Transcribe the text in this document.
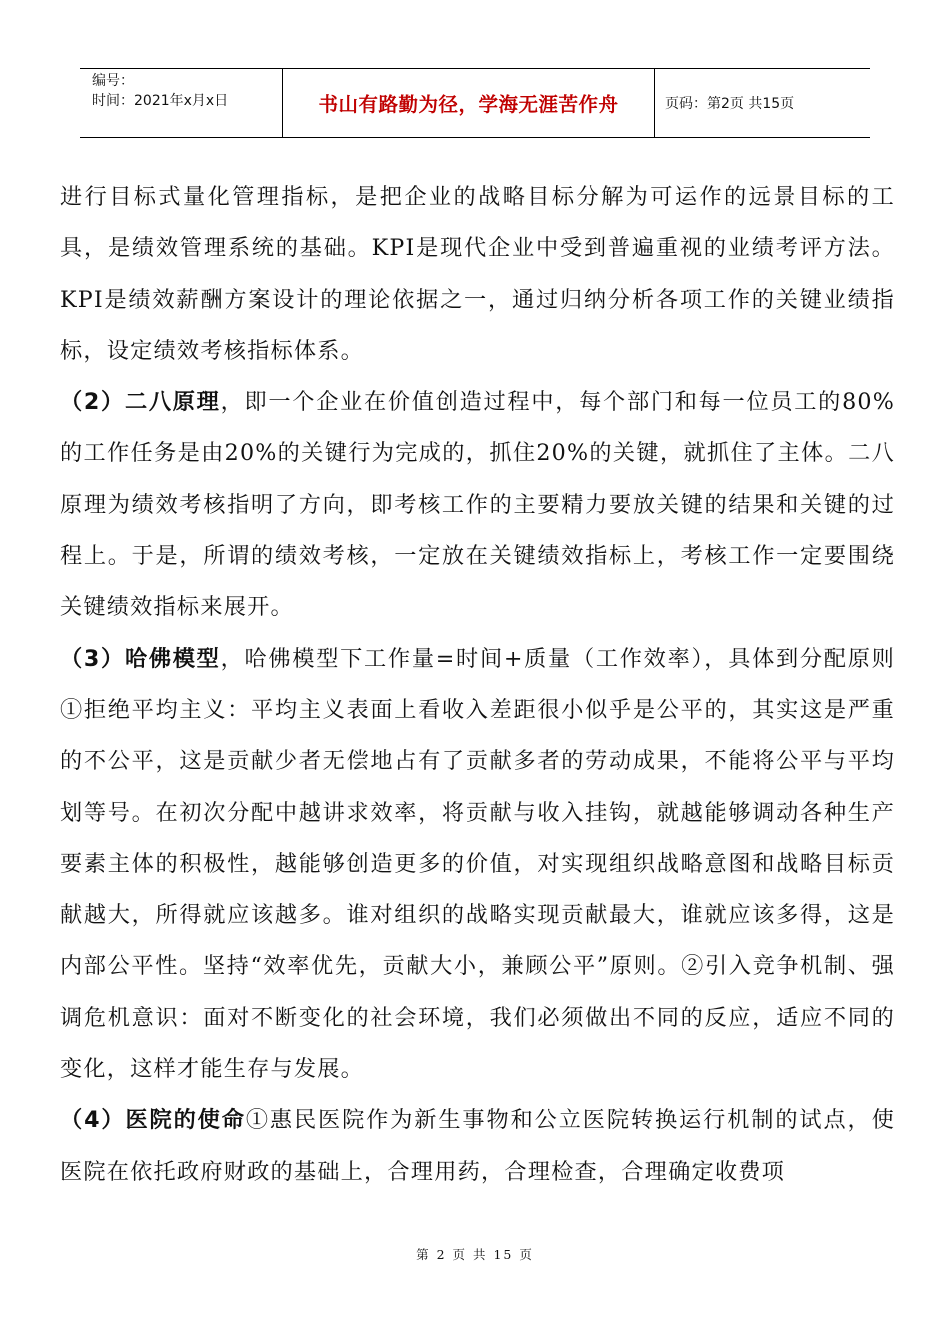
编号：
时间：2021年x月x日	书山有路勤为径，学海无涯苦作舟	页码：第2页 共15页

进行目标式量化管理指标，是把企业的战略目标分解为可运作的远景目标的工具，是绩效管理系统的基础。KPI是现代企业中受到普遍重视的业绩考评方法。 KPI是绩效薪酬方案设计的理论依据之一，通过归纳分析各项工作的关键业绩指标，设定绩效考核指标体系。

（2）二八原理，即一个企业在价值创造过程中，每个部门和每一位员工的80%的工作任务是由20%的关键行为完成的，抓住20%的关键，就抓住了主体。二八原理为绩效考核指明了方向，即考核工作的主要精力要放关键的结果和关键的过程上。于是，所谓的绩效考核，一定放在关键绩效指标上，考核工作一定要围绕关键绩效指标来展开。

（3）哈佛模型，哈佛模型下工作量=时间+质量（工作效率），具体到分配原则①拒绝平均主义：平均主义表面上看收入差距很小似乎是公平的，其实这是严重的不公平，这是贡献少者无偿地占有了贡献多者的劳动成果，不能将公平与平均划等号。在初次分配中越讲求效率，将贡献与收入挂钩，就越能够调动各种生产要素主体的积极性，越能够创造更多的价值，对实现组织战略意图和战略目标贡献越大，所得就应该越多。谁对组织的战略实现贡献最大，谁就应该多得，这是内部公平性。坚持“效率优先，贡献大小，兼顾公平”原则。②引入竞争机制、强调危机意识：面对不断变化的社会环境，我们必须做出不同的反应，适应不同的变化，这样才能生存与发展。

（4）医院的使命①惠民医院作为新生事物和公立医院转换运行机制的试点，使医院在依托政府财政的基础上，合理用药，合理检查，合理确定收费项

第 2 页 共 15 页
